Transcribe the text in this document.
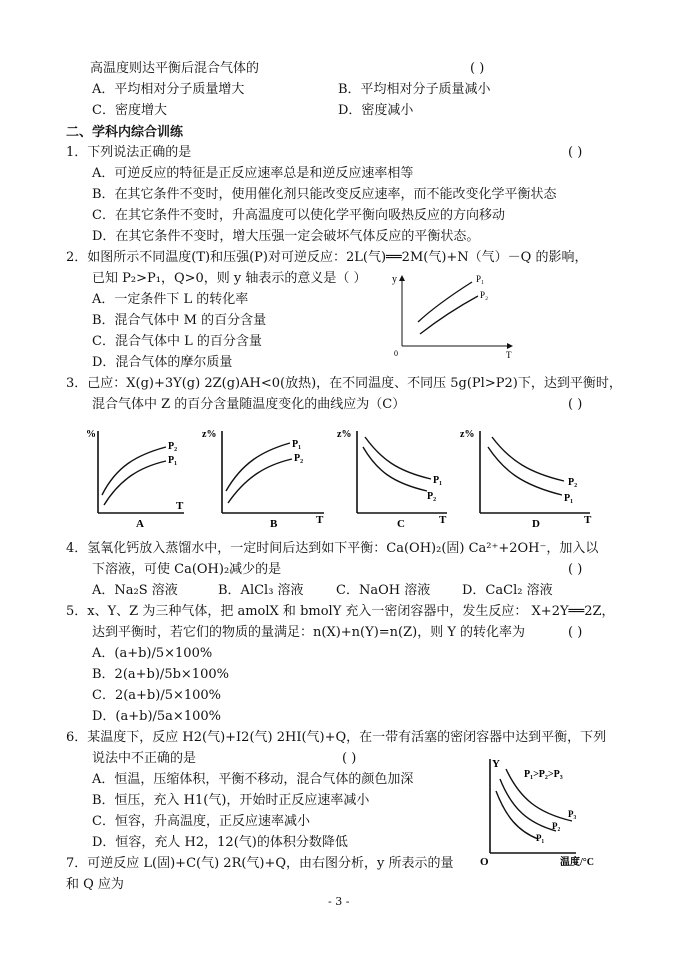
高温度则达平衡后混合气体的	( )
A．平均相对分子质量增大	B．平均相对分子质量减小
C．密度增大	D．密度减小
二、学科内综合训练
1．下列说法正确的是	( )
A．可逆反应的特征是正反应速率总是和逆反应速率相等
B．在其它条件不变时，使用催化剂只能改变反应速率，而不能改变化学平衡状态
C．在其它条件不变时，升高温度可以使化学平衡向吸热反应的方向移动
D．在其它条件不变时，增大压强一定会破坏气体反应的平衡状态。
2．如图所示不同温度(T)和压强(P)对可逆反应：2L(气)══2M(气)+N（气）－Q 的影响，
已知 P₂>P₁，Q>0，则 y 轴表示的意义是（ ）
A．一定条件下 L 的转化率
B．混合气体中 M 的百分含量
C．混合气体中 L 的百分含量
D．混合气体的摩尔质量
y
T
0
P₁
P₂
3．己应：X(g)+3Y(g) 2Z(g)AH<0(放热)，在不同温度、不同压 5g(Pl>P2)下，达到平衡时，
混合气体中 Z 的百分含量随温度变化的曲线应为（C）	( )
%
T
P₂
P₁
A
z%
T
P₁
P₂
B
z%
T
P₁
P₂
C
z%
T
P₂
P₁
D
4．氢氧化钙放入蒸馏水中，一定时间后达到如下平衡：Ca(OH)₂(固) Ca²⁺+2OH⁻，加入以
下溶液，可使 Ca(OH)₂减少的是	( )
A．Na₂S 溶液	B．AlCl₃ 溶液 C．NaOH 溶液 D．CaCl₂ 溶液
5．x、Y、Z 为三种气体，把 amolX 和 bmolY 充入一密闭容器中，发生反应： X+2Y══2Z，
达到平衡时，若它们的物质的量满足：n(X)+n(Y)=n(Z)，则 Y 的转化率为	( )
A．(a+b)/5×100%
B．2(a+b)/5b×100%
C．2(a+b)/5×100%
D．(a+b)/5a×100%
6．某温度下，反应 H2(气)+I2(气) 2HI(气)+Q，在一带有活塞的密闭容器中达到平衡，下列
说法中不正确的是	( )
A．恒温，压缩体积，平衡不移动，混合气体的颜色加深
B．恒压，充入 H1(气)，开始时正反应速率减小
C．恒容，升高温度，正反应速率减小
D．恒容，充人 H2，12(气)的体积分数降低
Y
P₁>P₂>P₃
O	温度/°C
P₃
P₂
P₁
7．可逆反应 L(固)+C(气) 2R(气)+Q，由右图分析，y 所表示的量
和 Q 应为
- 3 -
